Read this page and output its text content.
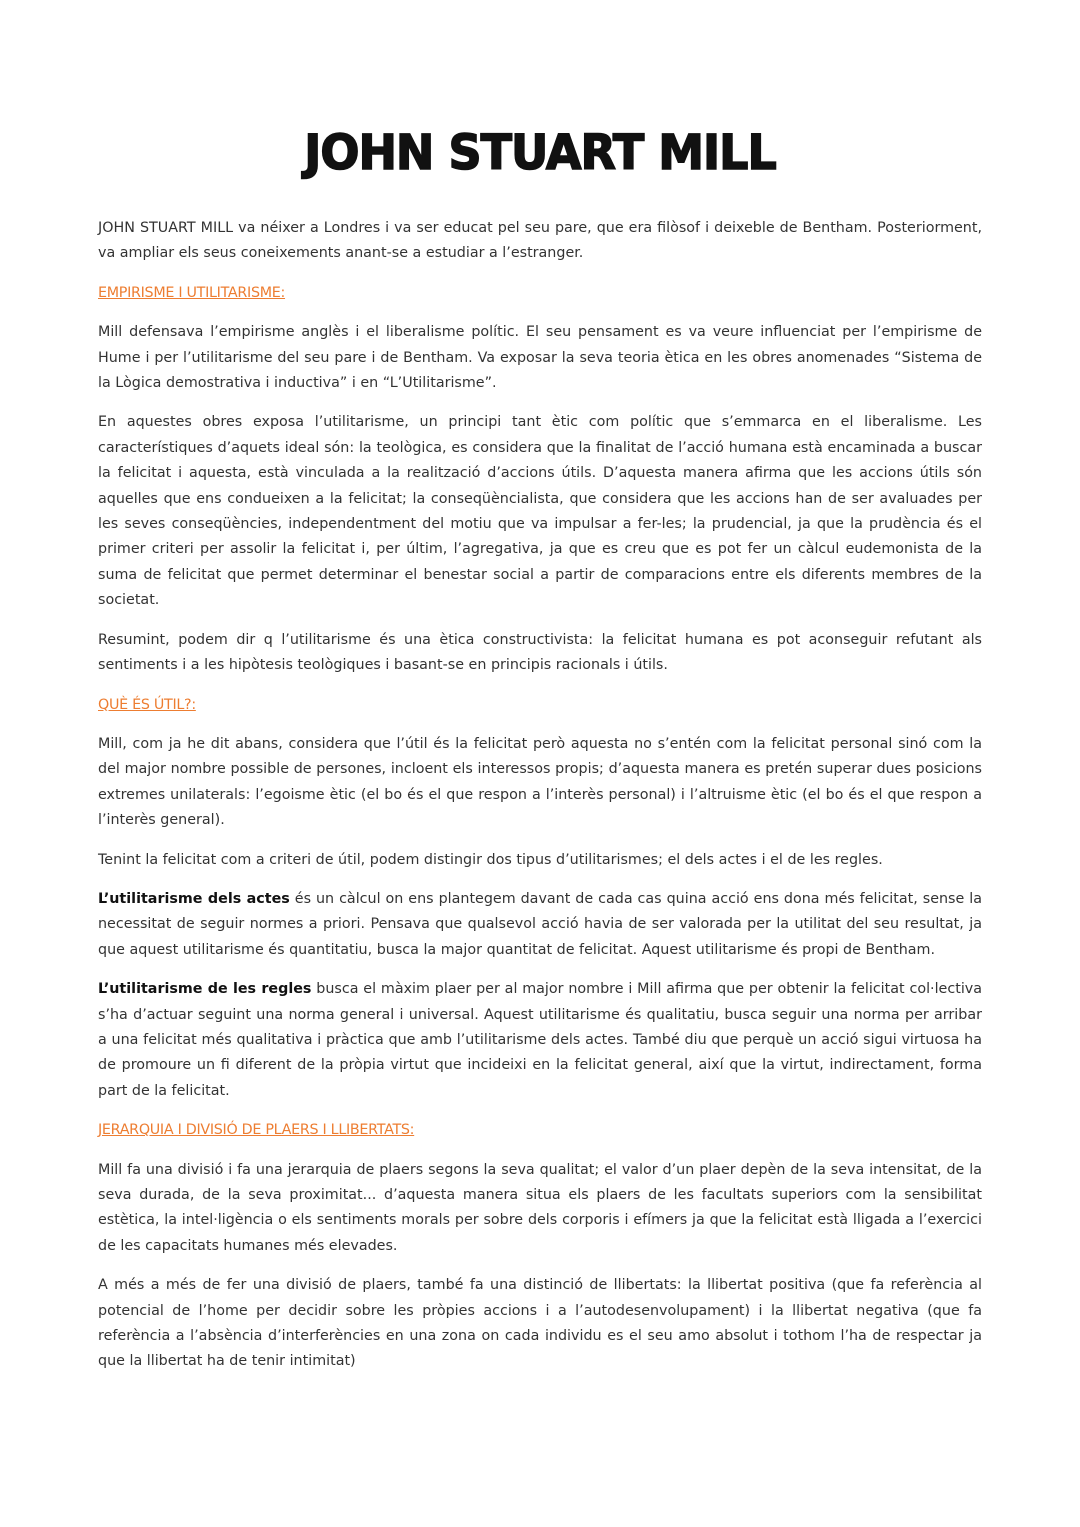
JOHN STUART MILL

JOHN STUART MILL va néixer a Londres i va ser educat pel seu pare, que era filòsof i deixeble de Bentham. Posteriorment, va ampliar els seus coneixements anant-se a estudiar a l’estranger.

EMPIRISME I UTILITARISME:

Mill defensava l’empirisme anglès i el liberalisme polític. El seu pensament es va veure influenciat per l’empirisme de Hume i per l’utilitarisme del seu pare i de Bentham. Va exposar la seva teoria ètica en les obres anomenades “Sistema de la Lògica demostrativa i inductiva” i en “L’Utilitarisme”.

En aquestes obres exposa l’utilitarisme, un principi tant ètic com polític que s’emmarca en el liberalisme. Les característiques d’aquets ideal són: la teològica, es considera que la finalitat de l’acció humana està encaminada a buscar la felicitat i aquesta, està vinculada a la realització d’accions útils. D’aquesta manera afirma que les accions útils són aquelles que ens condueixen a la felicitat; la conseqüèncialista, que considera que les accions han de ser avaluades per les seves conseqüències, independentment del motiu que va impulsar a fer-les; la prudencial, ja que la prudència és el primer criteri per assolir la felicitat i, per últim, l’agregativa, ja que es creu que es pot fer un càlcul eudemonista de la suma de felicitat que permet determinar el benestar social a partir de comparacions entre els diferents membres de la societat.

Resumint, podem dir q l’utilitarisme és una ètica constructivista: la felicitat humana es pot aconseguir refutant als sentiments i a les hipòtesis teològiques i basant-se en principis racionals i útils.

QUÈ ÉS ÚTIL?:

Mill, com ja he dit abans, considera que l’útil és la felicitat però aquesta no s’entén com la felicitat personal sinó com la del major nombre possible de persones, incloent els interessos propis; d’aquesta manera es pretén superar dues posicions extremes unilaterals: l’egoisme ètic (el bo és el que respon a l’interès personal) i l’altruisme ètic (el bo és el que respon a l’interès general).

Tenint la felicitat com a criteri de útil, podem distingir dos tipus d’utilitarismes; el dels actes i el de les regles.

L’utilitarisme dels actes és un càlcul on ens plantegem davant de cada cas quina acció ens dona més felicitat, sense la necessitat de seguir normes a priori. Pensava que qualsevol acció havia de ser valorada per la utilitat del seu resultat, ja que aquest utilitarisme és quantitatiu, busca la major quantitat de felicitat. Aquest utilitarisme és propi de Bentham.

L’utilitarisme de les regles busca el màxim plaer per al major nombre i Mill afirma que per obtenir la felicitat col·lectiva s’ha d’actuar seguint una norma general i universal. Aquest utilitarisme és qualitatiu, busca seguir una norma per arribar a una felicitat més qualitativa i pràctica que amb l’utilitarisme dels actes. També diu que perquè un acció sigui virtuosa ha de promoure un fi diferent de la pròpia virtut que incideixi en la felicitat general, així que la virtut, indirectament, forma part de la felicitat.

JERARQUIA I DIVISIÓ DE PLAERS I LLIBERTATS:

Mill fa una divisió i fa una jerarquia de plaers segons la seva qualitat; el valor d’un plaer depèn de la seva intensitat, de la seva durada, de la seva proximitat... d’aquesta manera situa els plaers de les facultats superiors com la sensibilitat estètica, la intel·ligència o els sentiments morals per sobre dels corporis i efímers ja que la felicitat està lligada a l’exercici de les capacitats humanes més elevades.

A més a més de fer una divisió de plaers, també fa una distinció de llibertats: la llibertat positiva (que fa referència al potencial de l’home per decidir sobre les pròpies accions i a l’autodesenvolupament) i la llibertat negativa (que fa referència a l’absència d’interferències en una zona on cada individu es el seu amo absolut i tothom l’ha de respectar ja que la llibertat ha de tenir intimitat)
